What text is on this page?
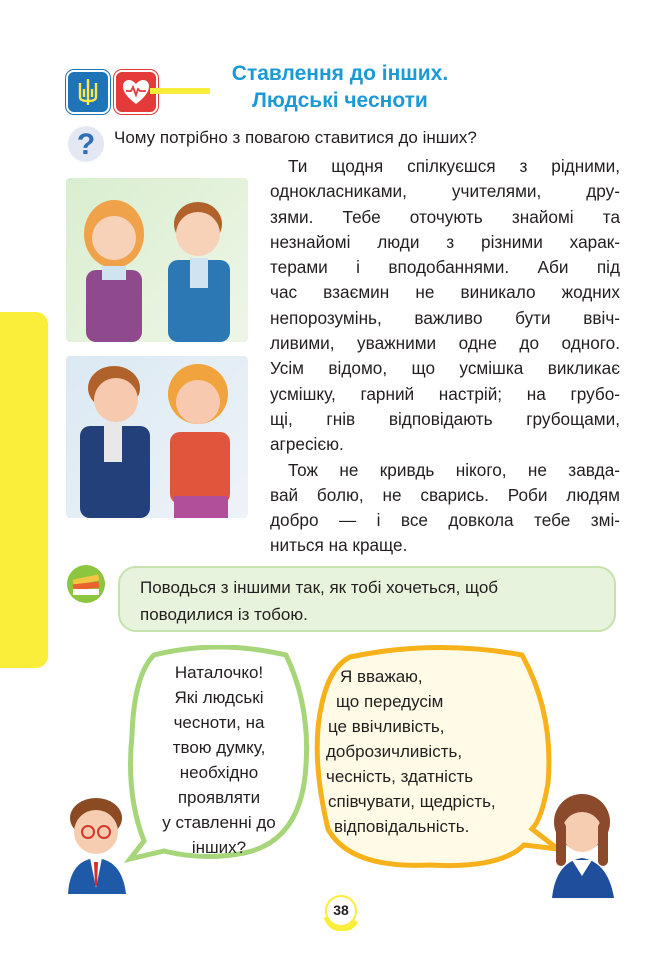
Ставлення до інших.
Людські чесноти
? Чому потрібно з повагою ставитися до інших?

Ти щодня спілкуєшся з рідними,
однокласниками, учителями, дру-
зями. Тебе оточують знайомі та
незнайомі люди з різними харак-
терами і вподобаннями. Аби під
час взаємин не виникало жодних
непорозумінь, важливо бути ввіч-
ливими, уважними одне до одного.
Усім відомо, що усмішка викликає
усмішку, гарний настрій; на грубо-
щі, гнів відповідають грубощами,
агресією.

Тож не кривдь нікого, не завда-
вай болю, не сварись. Роби людям
добро — і все довкола тебе змі-
ниться на краще.

Поводься з іншими так, як тобі хочеться, щоб
поводилися із тобою.
Наталочко!
Які людські
чесноти, на
твою думку,
необхідно
проявляти
у ставленні до
інших?
Я вважаю,
що передусім
це ввічливість,
доброзичливість,
чесність, здатність
співчувати, щедрість,
відповідальність.
38
